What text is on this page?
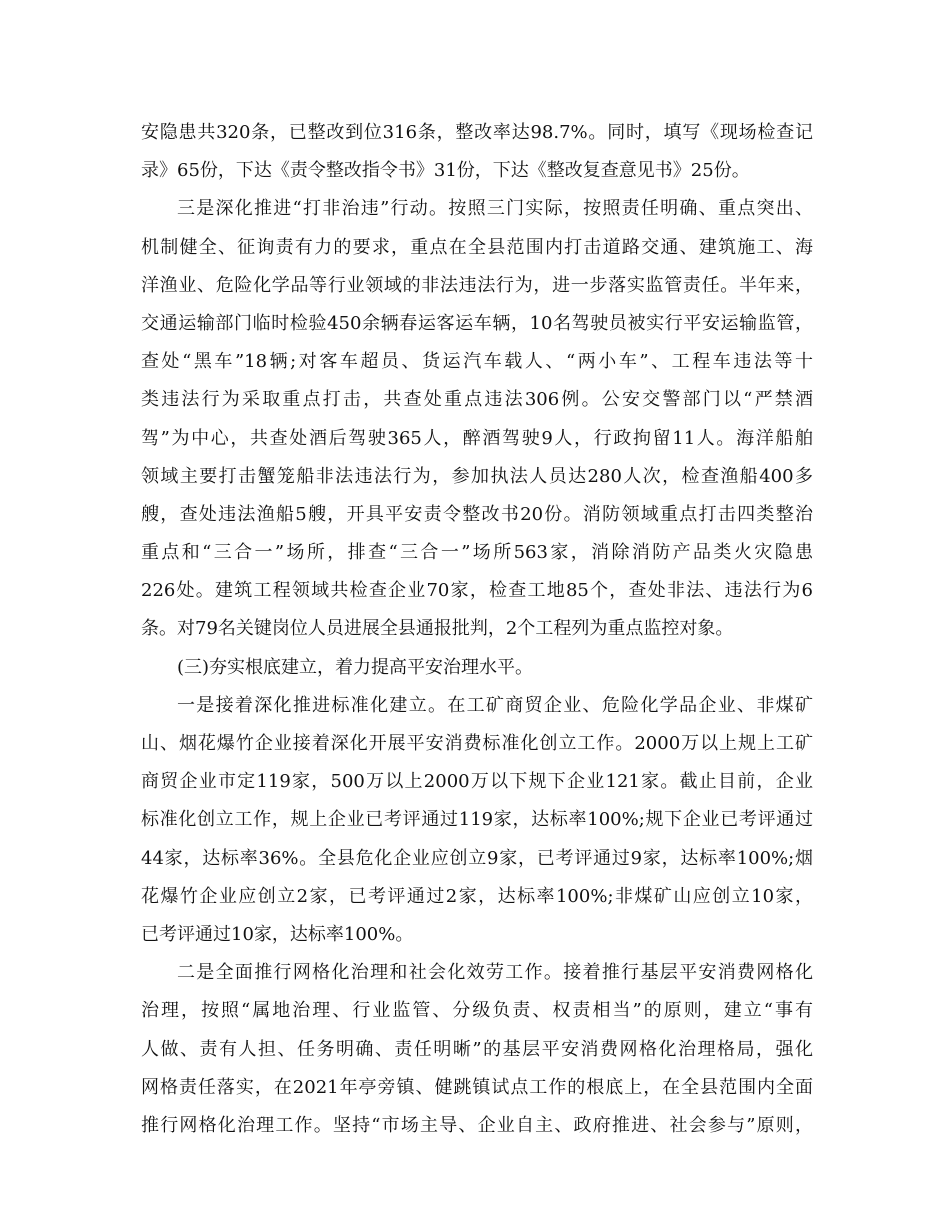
安隐患共320条，已整改到位316条，整改率达98.7%。同时，填写《现场检查记
录》65份，下达《责令整改指令书》31份，下达《整改复查意见书》25份。
三是深化推进“打非治违”行动。按照三门实际，按照责任明确、重点突出、
机制健全、征询责有力的要求，重点在全县范围内打击道路交通、建筑施工、海
洋渔业、危险化学品等行业领域的非法违法行为，进一步落实监管责任。半年来，
交通运输部门临时检验450余辆春运客运车辆，10名驾驶员被实行平安运输监管，
查处“黑车”18辆;对客车超员、货运汽车载人、“两小车”、工程车违法等十
类违法行为采取重点打击，共查处重点违法306例。公安交警部门以“严禁酒
驾”为中心，共查处酒后驾驶365人，醉酒驾驶9人，行政拘留11人。海洋船舶
领域主要打击蟹笼船非法违法行为，参加执法人员达280人次，检查渔船400多
艘，查处违法渔船5艘，开具平安责令整改书20份。消防领域重点打击四类整治
重点和“三合一”场所，排查“三合一”场所563家，消除消防产品类火灾隐患
226处。建筑工程领域共检查企业70家，检查工地85个，查处非法、违法行为6
条。对79名关键岗位人员进展全县通报批判，2个工程列为重点监控对象。
(三)夯实根底建立，着力提高平安治理水平。
一是接着深化推进标准化建立。在工矿商贸企业、危险化学品企业、非煤矿
山、烟花爆竹企业接着深化开展平安消费标准化创立工作。2000万以上规上工矿
商贸企业市定119家，500万以上2000万以下规下企业121家。截止目前，企业
标准化创立工作，规上企业已考评通过119家，达标率100%;规下企业已考评通过
44家，达标率36%。全县危化企业应创立9家，已考评通过9家，达标率100%;烟
花爆竹企业应创立2家，已考评通过2家，达标率100%;非煤矿山应创立10家，
已考评通过10家，达标率100%。
二是全面推行网格化治理和社会化效劳工作。接着推行基层平安消费网格化
治理，按照“属地治理、行业监管、分级负责、权责相当”的原则，建立“事有
人做、责有人担、任务明确、责任明晰”的基层平安消费网格化治理格局，强化
网格责任落实，在2021年亭旁镇、健跳镇试点工作的根底上，在全县范围内全面
推行网格化治理工作。坚持“市场主导、企业自主、政府推进、社会参与”原则，
